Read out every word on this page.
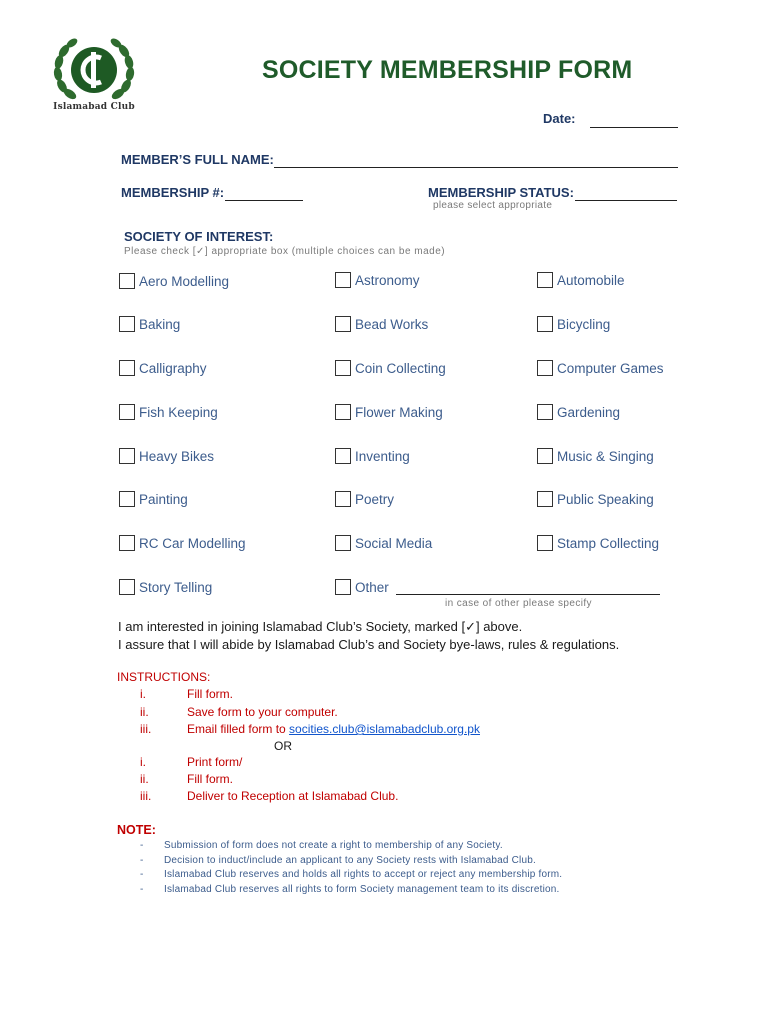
Islamabad Club
SOCIETY MEMBERSHIP FORM
Date:
MEMBER’S FULL NAME:
MEMBERSHIP #:	MEMBERSHIP STATUS:
please select appropriate
SOCIETY OF INTEREST:
Please check [✓] appropriate box (multiple choices can be made)
Aero Modelling	Astronomy	Automobile
Baking	Bead Works	Bicycling
Calligraphy	Coin Collecting	Computer Games
Fish Keeping	Flower Making	Gardening
Heavy Bikes	Inventing	Music & Singing
Painting	Poetry	Public Speaking
RC Car Modelling	Social Media	Stamp Collecting
Story Telling	Other
in case of other please specify
I am interested in joining Islamabad Club’s Society, marked [✓] above.
I assure that I will abide by Islamabad Club’s and Society bye-laws, rules & regulations.
INSTRUCTIONS:
i.	Fill form.
ii.	Save form to your computer.
iii.	Email filled form to socities.club@islamabadclub.org.pk
OR
i.	Print form/
ii.	Fill form.
iii.	Deliver to Reception at Islamabad Club.
NOTE:
- Submission of form does not create a right to membership of any Society.
- Decision to induct/include an applicant to any Society rests with Islamabad Club.
- Islamabad Club reserves and holds all rights to accept or reject any membership form.
- Islamabad Club reserves all rights to form Society management team to its discretion.
